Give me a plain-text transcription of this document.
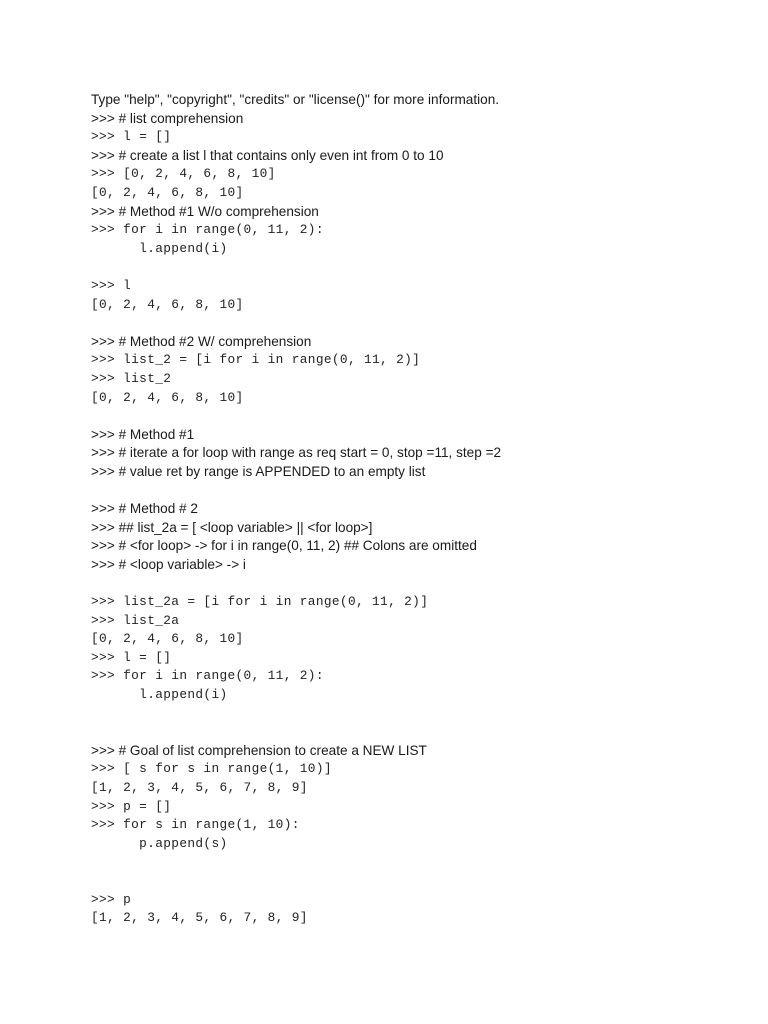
Type "help", "copyright", "credits" or "license()" for more information.
>>> # list comprehension
>>> l = []
>>> # create a list l that contains only even int from 0 to 10
>>> [0, 2, 4, 6, 8, 10]
[0, 2, 4, 6, 8, 10]
>>> # Method #1 W/o comprehension
>>> for i in range(0, 11, 2):
l.append(i)
>>> l
[0, 2, 4, 6, 8, 10]
>>> # Method #2 W/ comprehension
>>> list_2 = [i for i in range(0, 11, 2)]
>>> list_2
[0, 2, 4, 6, 8, 10]
>>> # Method #1
>>> # iterate a for loop with range as req start = 0, stop =11, step =2
>>> # value ret by range is APPENDED to an empty list
>>> # Method # 2
>>> ## list_2a = [ <loop variable> || <for loop>]
>>> # <for loop> -> for i in range(0, 11, 2) ## Colons are omitted
>>> # <loop variable> -> i
>>> list_2a = [i for i in range(0, 11, 2)]
>>> list_2a
[0, 2, 4, 6, 8, 10]
>>> l = []
>>> for i in range(0, 11, 2):
l.append(i)
>>> # Goal of list comprehension to create a NEW LIST
>>> [ s for s in range(1, 10)]
[1, 2, 3, 4, 5, 6, 7, 8, 9]
>>> p = []
>>> for s in range(1, 10):
p.append(s)
>>> p
[1, 2, 3, 4, 5, 6, 7, 8, 9]
